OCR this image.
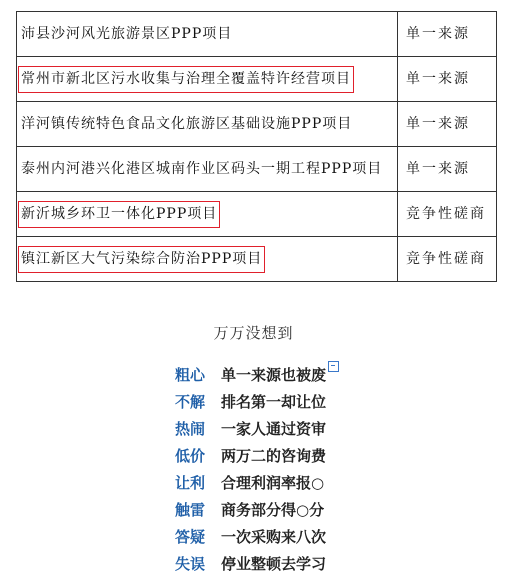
沛县沙河风光旅游景区PPP项目	单一来源
常州市新北区污水收集与治理全覆盖特许经营项目	单一来源
洋河镇传统特色食品文化旅游区基础设施PPP项目	单一来源
泰州内河港兴化港区城南作业区码头一期工程PPP项目	单一来源
新沂城乡环卫一体化PPP项目	竞争性磋商
镇江新区大气污染综合防治PPP项目	竞争性磋商
万万没想到
粗心	单一来源也被废
不解	排名第一却让位
热闹	一家人通过资审
低价	两万二的咨询费
让利	合理利润率报○
触雷	商务部分得○分
答疑	一次采购来八次
失误	停业整顿去学习
